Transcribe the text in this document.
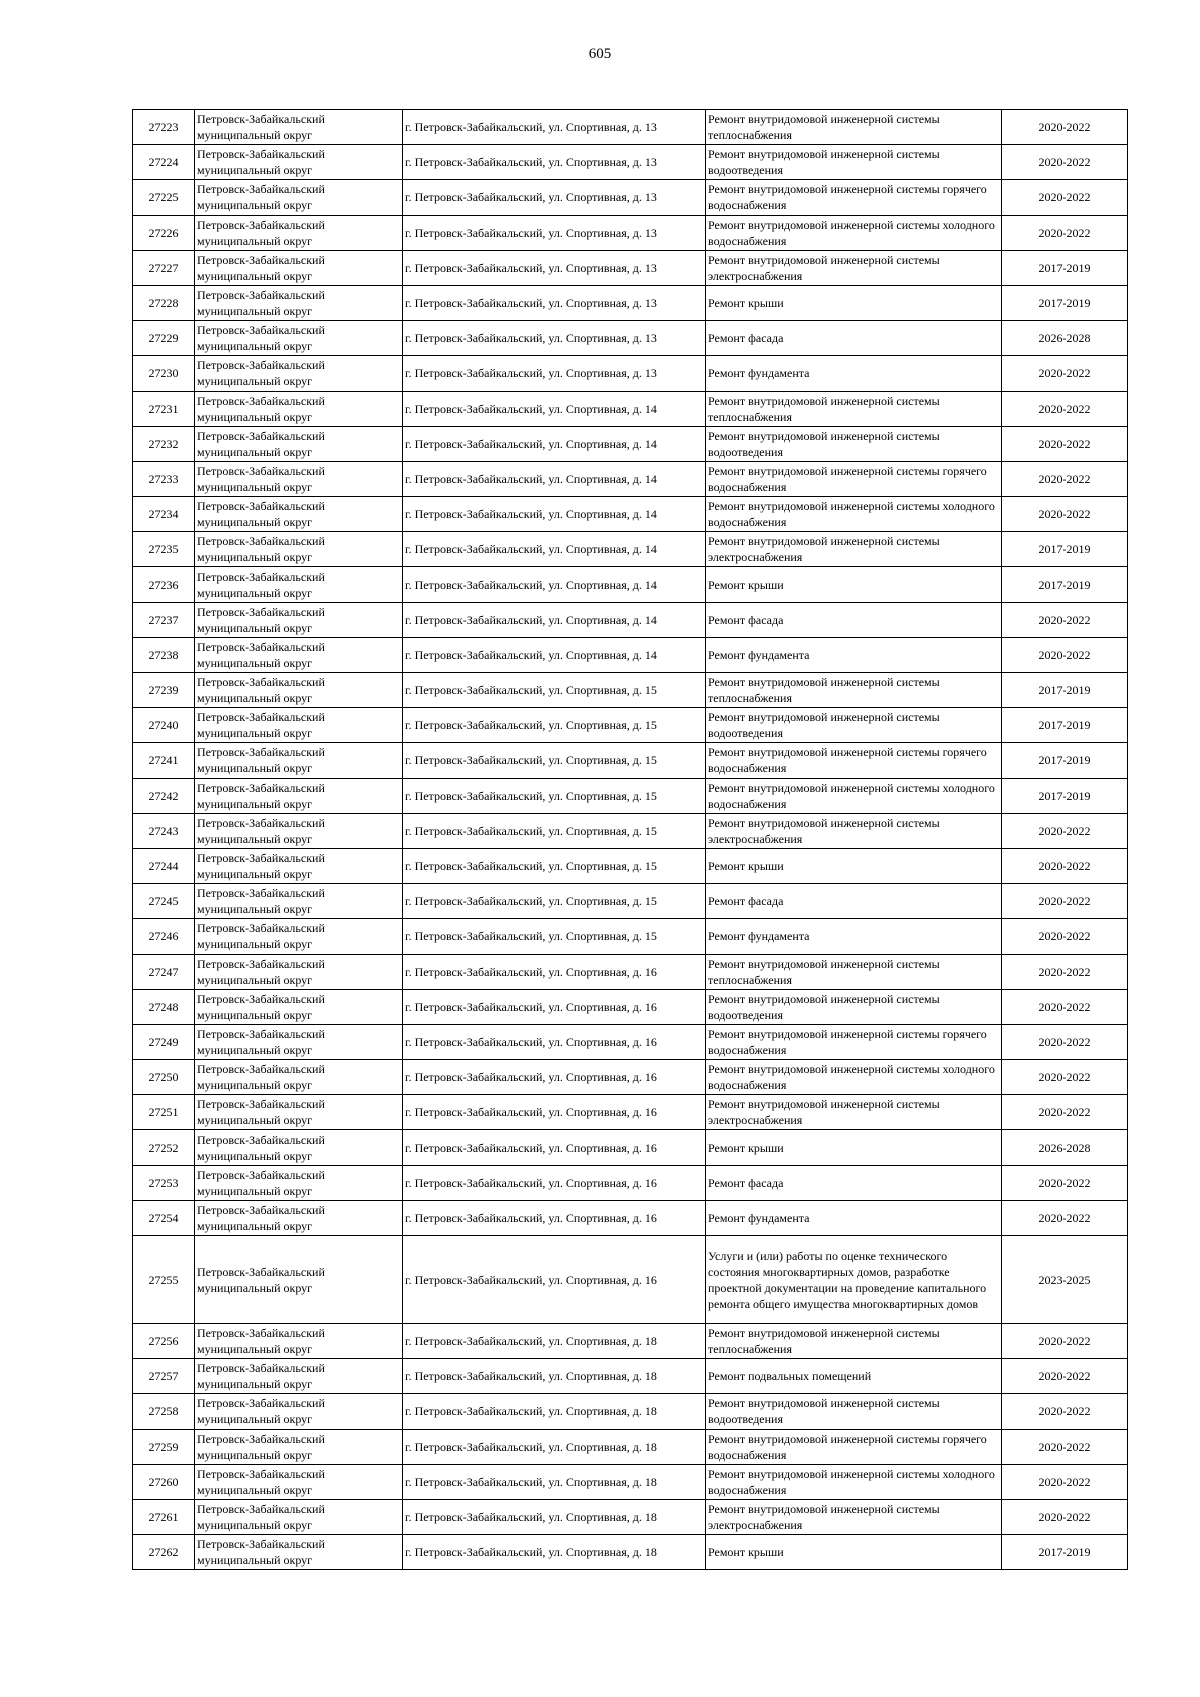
605
27223	Петровск-Забайкальский муниципальный округ	г. Петровск-Забайкальский, ул. Спортивная, д. 13	Ремонт внутридомовой инженерной системы теплоснабжения	2020-2022
27224	Петровск-Забайкальский муниципальный округ	г. Петровск-Забайкальский, ул. Спортивная, д. 13	Ремонт внутридомовой инженерной системы водоотведения	2020-2022
27225	Петровск-Забайкальский муниципальный округ	г. Петровск-Забайкальский, ул. Спортивная, д. 13	Ремонт внутридомовой инженерной системы горячего водоснабжения	2020-2022
27226	Петровск-Забайкальский муниципальный округ	г. Петровск-Забайкальский, ул. Спортивная, д. 13	Ремонт внутридомовой инженерной системы холодного водоснабжения	2020-2022
27227	Петровск-Забайкальский муниципальный округ	г. Петровск-Забайкальский, ул. Спортивная, д. 13	Ремонт внутридомовой инженерной системы электроснабжения	2017-2019
27228	Петровск-Забайкальский муниципальный округ	г. Петровск-Забайкальский, ул. Спортивная, д. 13	Ремонт крыши	2017-2019
27229	Петровск-Забайкальский муниципальный округ	г. Петровск-Забайкальский, ул. Спортивная, д. 13	Ремонт фасада	2026-2028
27230	Петровск-Забайкальский муниципальный округ	г. Петровск-Забайкальский, ул. Спортивная, д. 13	Ремонт фундамента	2020-2022
27231	Петровск-Забайкальский муниципальный округ	г. Петровск-Забайкальский, ул. Спортивная, д. 14	Ремонт внутридомовой инженерной системы теплоснабжения	2020-2022
27232	Петровск-Забайкальский муниципальный округ	г. Петровск-Забайкальский, ул. Спортивная, д. 14	Ремонт внутридомовой инженерной системы водоотведения	2020-2022
27233	Петровск-Забайкальский муниципальный округ	г. Петровск-Забайкальский, ул. Спортивная, д. 14	Ремонт внутридомовой инженерной системы горячего водоснабжения	2020-2022
27234	Петровск-Забайкальский муниципальный округ	г. Петровск-Забайкальский, ул. Спортивная, д. 14	Ремонт внутридомовой инженерной системы холодного водоснабжения	2020-2022
27235	Петровск-Забайкальский муниципальный округ	г. Петровск-Забайкальский, ул. Спортивная, д. 14	Ремонт внутридомовой инженерной системы электроснабжения	2017-2019
27236	Петровск-Забайкальский муниципальный округ	г. Петровск-Забайкальский, ул. Спортивная, д. 14	Ремонт крыши	2017-2019
27237	Петровск-Забайкальский муниципальный округ	г. Петровск-Забайкальский, ул. Спортивная, д. 14	Ремонт фасада	2020-2022
27238	Петровск-Забайкальский муниципальный округ	г. Петровск-Забайкальский, ул. Спортивная, д. 14	Ремонт фундамента	2020-2022
27239	Петровск-Забайкальский муниципальный округ	г. Петровск-Забайкальский, ул. Спортивная, д. 15	Ремонт внутридомовой инженерной системы теплоснабжения	2017-2019
27240	Петровск-Забайкальский муниципальный округ	г. Петровск-Забайкальский, ул. Спортивная, д. 15	Ремонт внутридомовой инженерной системы водоотведения	2017-2019
27241	Петровск-Забайкальский муниципальный округ	г. Петровск-Забайкальский, ул. Спортивная, д. 15	Ремонт внутридомовой инженерной системы горячего водоснабжения	2017-2019
27242	Петровск-Забайкальский муниципальный округ	г. Петровск-Забайкальский, ул. Спортивная, д. 15	Ремонт внутридомовой инженерной системы холодного водоснабжения	2017-2019
27243	Петровск-Забайкальский муниципальный округ	г. Петровск-Забайкальский, ул. Спортивная, д. 15	Ремонт внутридомовой инженерной системы электроснабжения	2020-2022
27244	Петровск-Забайкальский муниципальный округ	г. Петровск-Забайкальский, ул. Спортивная, д. 15	Ремонт крыши	2020-2022
27245	Петровск-Забайкальский муниципальный округ	г. Петровск-Забайкальский, ул. Спортивная, д. 15	Ремонт фасада	2020-2022
27246	Петровск-Забайкальский муниципальный округ	г. Петровск-Забайкальский, ул. Спортивная, д. 15	Ремонт фундамента	2020-2022
27247	Петровск-Забайкальский муниципальный округ	г. Петровск-Забайкальский, ул. Спортивная, д. 16	Ремонт внутридомовой инженерной системы теплоснабжения	2020-2022
27248	Петровск-Забайкальский муниципальный округ	г. Петровск-Забайкальский, ул. Спортивная, д. 16	Ремонт внутридомовой инженерной системы водоотведения	2020-2022
27249	Петровск-Забайкальский муниципальный округ	г. Петровск-Забайкальский, ул. Спортивная, д. 16	Ремонт внутридомовой инженерной системы горячего водоснабжения	2020-2022
27250	Петровск-Забайкальский муниципальный округ	г. Петровск-Забайкальский, ул. Спортивная, д. 16	Ремонт внутридомовой инженерной системы холодного водоснабжения	2020-2022
27251	Петровск-Забайкальский муниципальный округ	г. Петровск-Забайкальский, ул. Спортивная, д. 16	Ремонт внутридомовой инженерной системы электроснабжения	2020-2022
27252	Петровск-Забайкальский муниципальный округ	г. Петровск-Забайкальский, ул. Спортивная, д. 16	Ремонт крыши	2026-2028
27253	Петровск-Забайкальский муниципальный округ	г. Петровск-Забайкальский, ул. Спортивная, д. 16	Ремонт фасада	2020-2022
27254	Петровск-Забайкальский муниципальный округ	г. Петровск-Забайкальский, ул. Спортивная, д. 16	Ремонт фундамента	2020-2022
27255	Петровск-Забайкальский муниципальный округ	г. Петровск-Забайкальский, ул. Спортивная, д. 16	Услуги и (или) работы по оценке технического состояния многоквартирных домов, разработке проектной документации на проведение капитального ремонта общего имущества многоквартирных домов	2023-2025
27256	Петровск-Забайкальский муниципальный округ	г. Петровск-Забайкальский, ул. Спортивная, д. 18	Ремонт внутридомовой инженерной системы теплоснабжения	2020-2022
27257	Петровск-Забайкальский муниципальный округ	г. Петровск-Забайкальский, ул. Спортивная, д. 18	Ремонт подвальных помещений	2020-2022
27258	Петровск-Забайкальский муниципальный округ	г. Петровск-Забайкальский, ул. Спортивная, д. 18	Ремонт внутридомовой инженерной системы водоотведения	2020-2022
27259	Петровск-Забайкальский муниципальный округ	г. Петровск-Забайкальский, ул. Спортивная, д. 18	Ремонт внутридомовой инженерной системы горячего водоснабжения	2020-2022
27260	Петровск-Забайкальский муниципальный округ	г. Петровск-Забайкальский, ул. Спортивная, д. 18	Ремонт внутридомовой инженерной системы холодного водоснабжения	2020-2022
27261	Петровск-Забайкальский муниципальный округ	г. Петровск-Забайкальский, ул. Спортивная, д. 18	Ремонт внутридомовой инженерной системы электроснабжения	2020-2022
27262	Петровск-Забайкальский муниципальный округ	г. Петровск-Забайкальский, ул. Спортивная, д. 18	Ремонт крыши	2017-2019
